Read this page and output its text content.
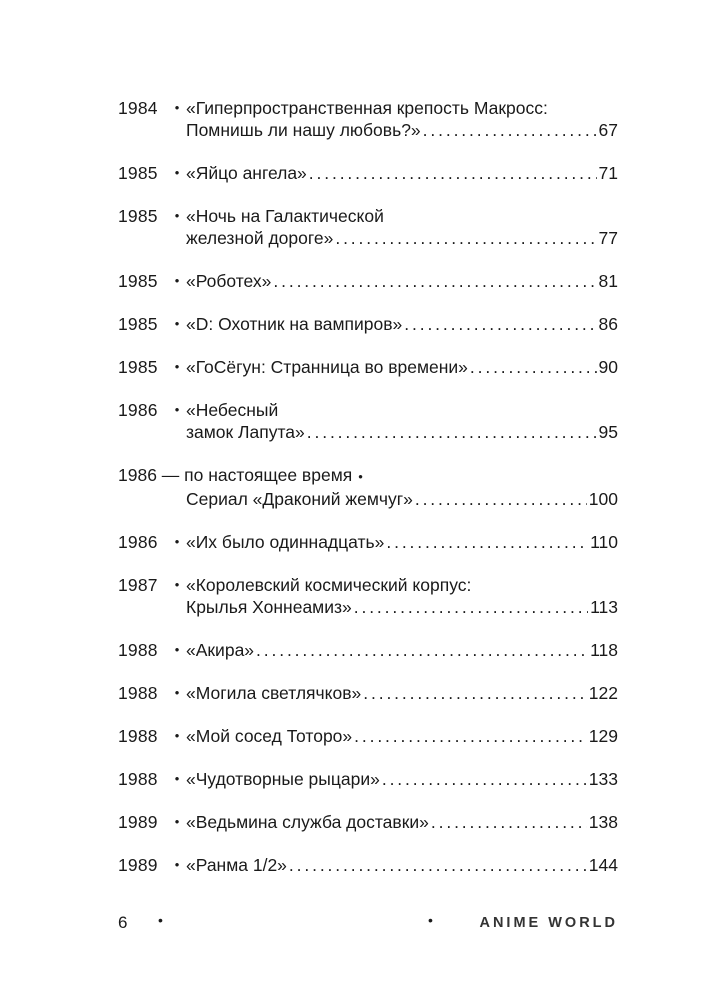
1984	• «Гиперпространственная крепость Макросс:
Помнишь ли нашу любовь?» . . .	67
1985	• «Яйцо ангела» . . .	71
1985	• «Ночь на Галактической
железной дороге» . . .	77
1985	• «Роботех» . . .	81
1985	• «D: Охотник на вампиров» . . .	86
1985	• «ГоСёгун: Странница во времени» . . .	90
1986	• «Небесный
замок Лапута» . . .	95
1986 — по настоящее время •
Сериал «Драконий жемчуг» . . .	100
1986	• «Их было одиннадцать» . . .	110
1987	• «Королевский космический корпус:
Крылья Хоннеамиз» . . .	113
1988	• «Акира» . . .	118
1988	• «Могила светлячков» . . .	122
1988	• «Мой сосед Тоторо» . . .	129
1988	• «Чудотворные рыцари» . . .	133
1989	• «Ведьмина служба доставки» . . .	138
1989	• «Ранма 1/2» . . .	144
6 •	•	ANIME WORLD
